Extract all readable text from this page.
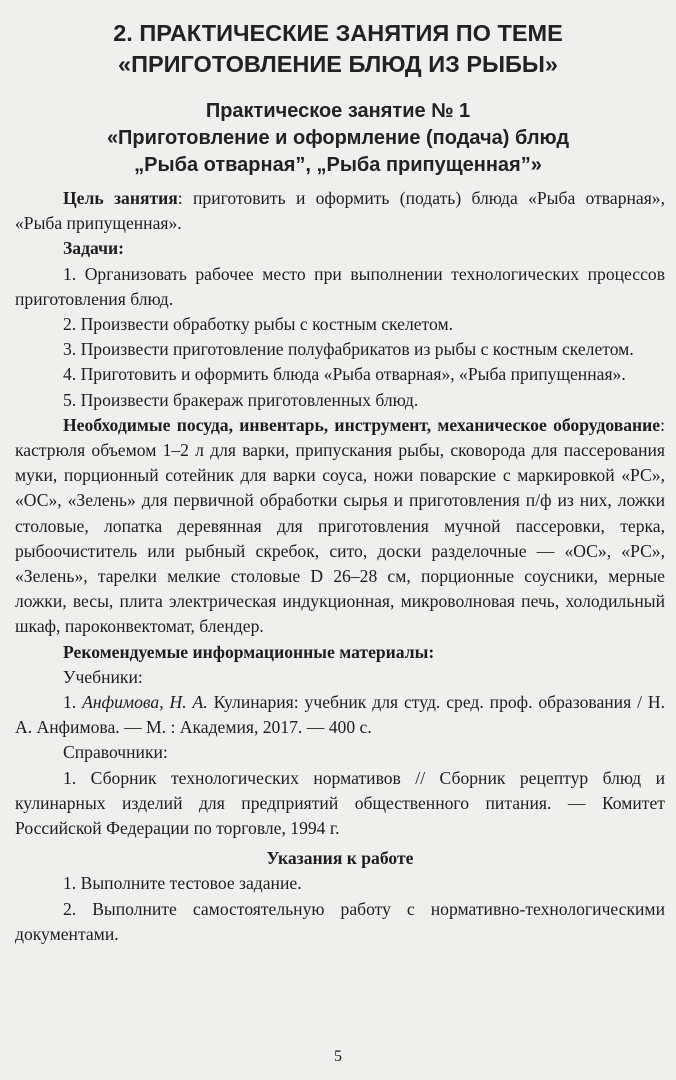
2. ПРАКТИЧЕСКИЕ ЗАНЯТИЯ ПО ТЕМЕ
«ПРИГОТОВЛЕНИЕ БЛЮД ИЗ РЫБЫ»
Практическое занятие № 1
«Приготовление и оформление (подача) блюд
„Рыба отварная”, „Рыба припущенная”»

Цель занятия: приготовить и оформить (подать) блюда «Рыба отварная», «Рыба припущенная».

Задачи:

1. Организовать рабочее место при выполнении технологических процессов приготовления блюд.

2. Произвести обработку рыбы с костным скелетом.

3. Произвести приготовление полуфабрикатов из рыбы с костным скелетом.

4. Приготовить и оформить блюда «Рыба отварная», «Рыба припущенная».

5. Произвести бракераж приготовленных блюд.

Необходимые посуда, инвентарь, инструмент, механическое оборудование: кастрюля объемом 1–2 л для варки, припускания рыбы, сковорода для пассерования муки, порционный сотейник для варки соуса, ножи поварские с маркировкой «РС», «ОС», «Зелень» для первичной обработки сырья и приготовления п/ф из них, ложки столовые, лопатка деревянная для приготовления мучной пассеровки, терка, рыбоочиститель или рыбный скребок, сито, доски разделочные — «ОС», «РС», «Зелень», тарелки мелкие столовые D 26–28 см, порционные соусники, мерные ложки, весы, плита электрическая индукционная, микроволновая печь, холодильный шкаф, пароконвектомат, блендер.

Рекомендуемые информационные материалы:

Учебники:

1. Анфимова, Н. А. Кулинария: учебник для студ. сред. проф. образования / Н. А. Анфимова. — М. : Академия, 2017. — 400 с.

Справочники:

1. Сборник технологических нормативов // Сборник рецептур блюд и кулинарных изделий для предприятий общественного питания. — Комитет Российской Федерации по торговле, 1994 г.

Указания к работе

1. Выполните тестовое задание.

2. Выполните самостоятельную работу с нормативно-технологическими документами.

5
